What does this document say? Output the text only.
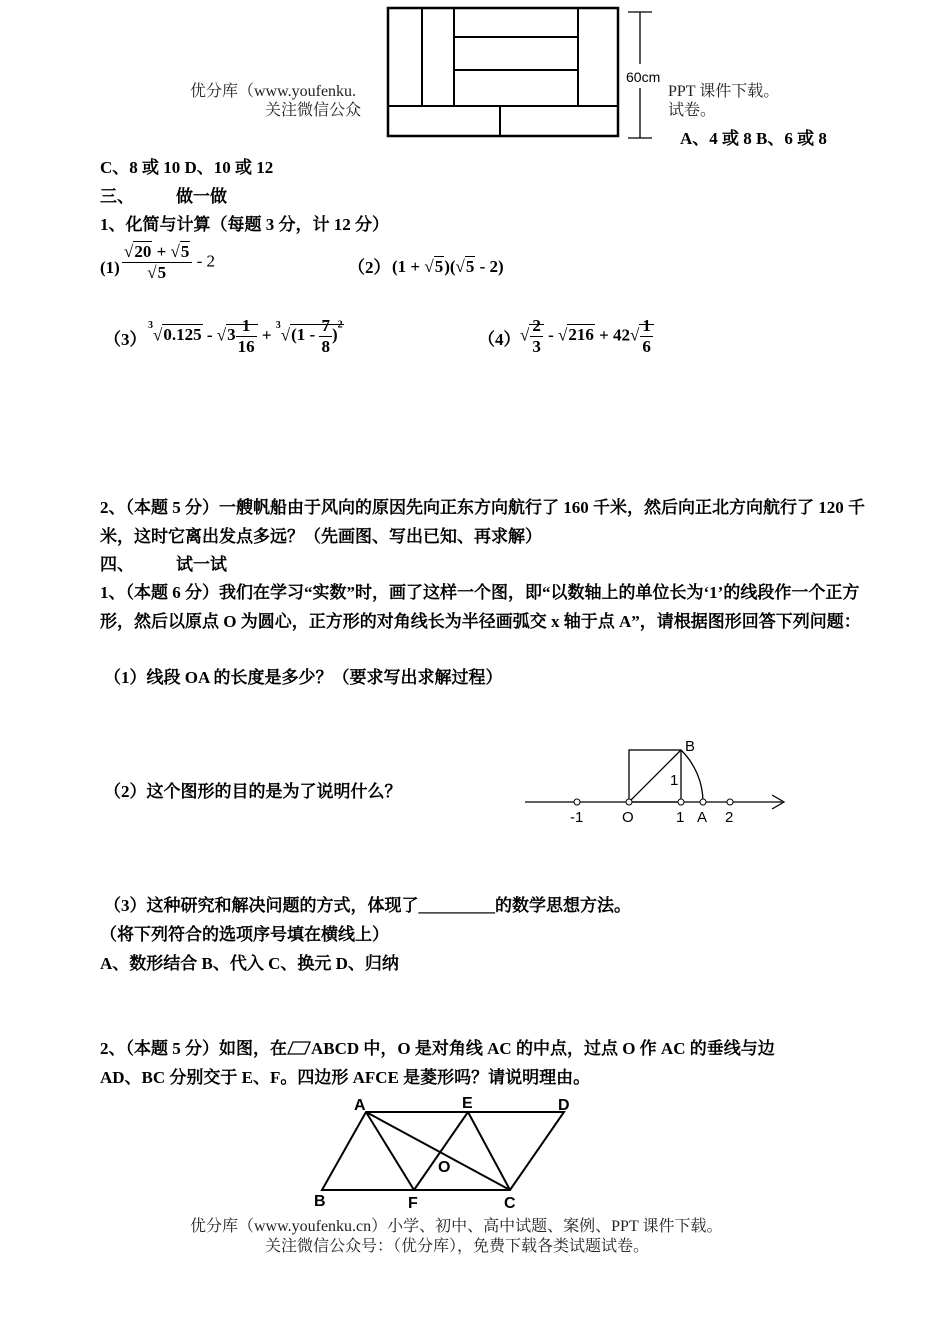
60cm
优分库（www.youfenku.
关注微信公众
PPT 课件下载。
试卷。
A、4 或 8 B、6 或 8
C、8 或 10 D、10 或 12
三、 做一做
1、化简与计算（每题 3 分，计 12 分）
$(1) \frac{√20 + √5}{√5} - 2$	（2） (1 + √5)(√5 - 2)
（3）
$^3√0.125 - √3 \frac{1}{16} + ^3√(1 - \frac{7}{8} )^2$
（4） √ $\frac{2}{3} - √216 + 42√ \frac{1}{6}$
2、（本题 5 分）一艘帆船由于风向的原因先向正东方向航行了 160 千米，然后向正北方向航行了 120 千米，这时它离出发点多远？（先画图、写出已知、再求解）
四、 试一试
1、（本题 6 分）我们在学习“实数”时，画了这样一个图，即“以数轴上的单位长为‘1’的线段作一个正方形，然后以原点 O 为圆心，正方形的对角线长为半径画弧交 x 轴于点 A”，请根据图形回答下列问题：
（1）线段 OA 的长度是多少？（要求写出求解过程）
（2）这个图形的目的是为了说明什么？
-1	O	1 A 2
B
1
（3）这种研究和解决问题的方式，体现了_________的数学思想方法。
（将下列符合的选项序号填在横线上）
A、数形结合 B、代入 C、换元 D、归纳
2、（本题 5 分）如图，在 ABCD 中，O 是对角线 AC 的中点，过点 O 作 AC 的垂线与边
AD、BC 分别交于 E、F。四边形 AFCE 是菱形吗？请说明理由。
A	E	D
B	F	C
O
优分库（www.youfenku.cn）小学、初中、高中试题、案例、PPT 课件下载。
关注微信公众号：（优分库），免费下载各类试题试卷。
